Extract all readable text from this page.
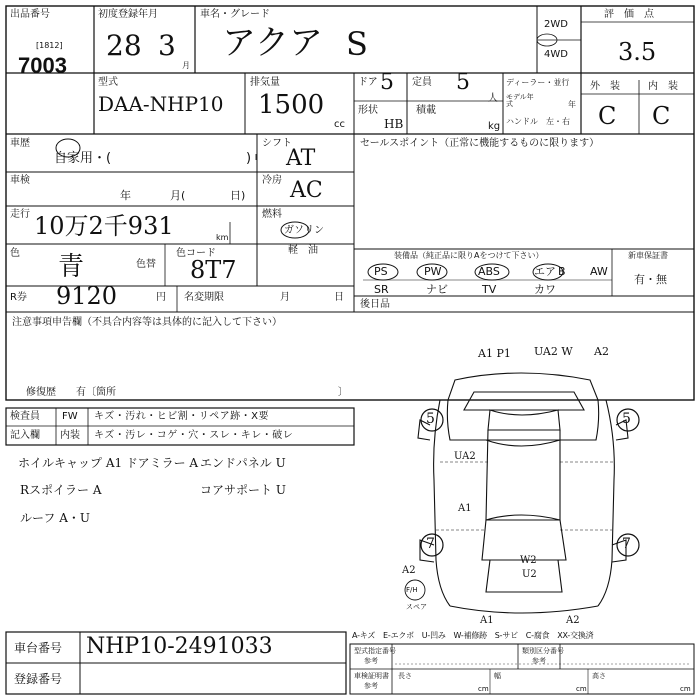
出品番号
[1812]
7003
初度登録年月
28 3
月
車名・グレード
アクア S
2WD
4WD
評　価　点
3.5
型式
DAA-NHP10
排気量
1500
cc
ドア 5
形状
HB
定員 5
人
積載
kg
ディーラー・並行
モデル年式	年
ハンドル　左・右
外　装	内　装
C C
車歴
自家用・(	)
シフト
AT
車検
年	月(	日)
冷房 AC
走行 10万2千931	km
燃料
ガソリン
軽　油
色 青	色替
色コード
8T7
R券 9120	円 名変期限	月	日
セールスポイント（正常に機能するものに限ります）
装備品（純正品に限りAをつけて下さい）
PS	PW	ABS	エア B AW
SR	ナビ	TV	カワ
新車保証書
有・無
後日品
注意事項申告欄（不具合内容等は具体的に記入して下さい）
修復歴　　有〔箇所	〕
検査員
記入欄
FW キズ・汚れ・ヒビ割・リペア跡・X要
内装 キズ・汚レ・コゲ・穴・スレ・キレ・破レ
ホイルキャップ A1 ドアミラー A エンドパネル U
Rスポイラー A	コアサポート U
ルーフ A・U
A1 P1 UA2 W A2
5	5
7	7
UA2
A1
W2
U2
A2
F/H
スペア
A1	A2
A-キズ　E-エクボ　U-凹み　W-補修跡　S-サビ　C-腐食　XX-交換済
車台番号 NHP10-2491033
登録番号
型式指定番号
参考
類別区分番号
参考
車検証明書
参考
長さ
cm
幅
cm
高さ
cm
